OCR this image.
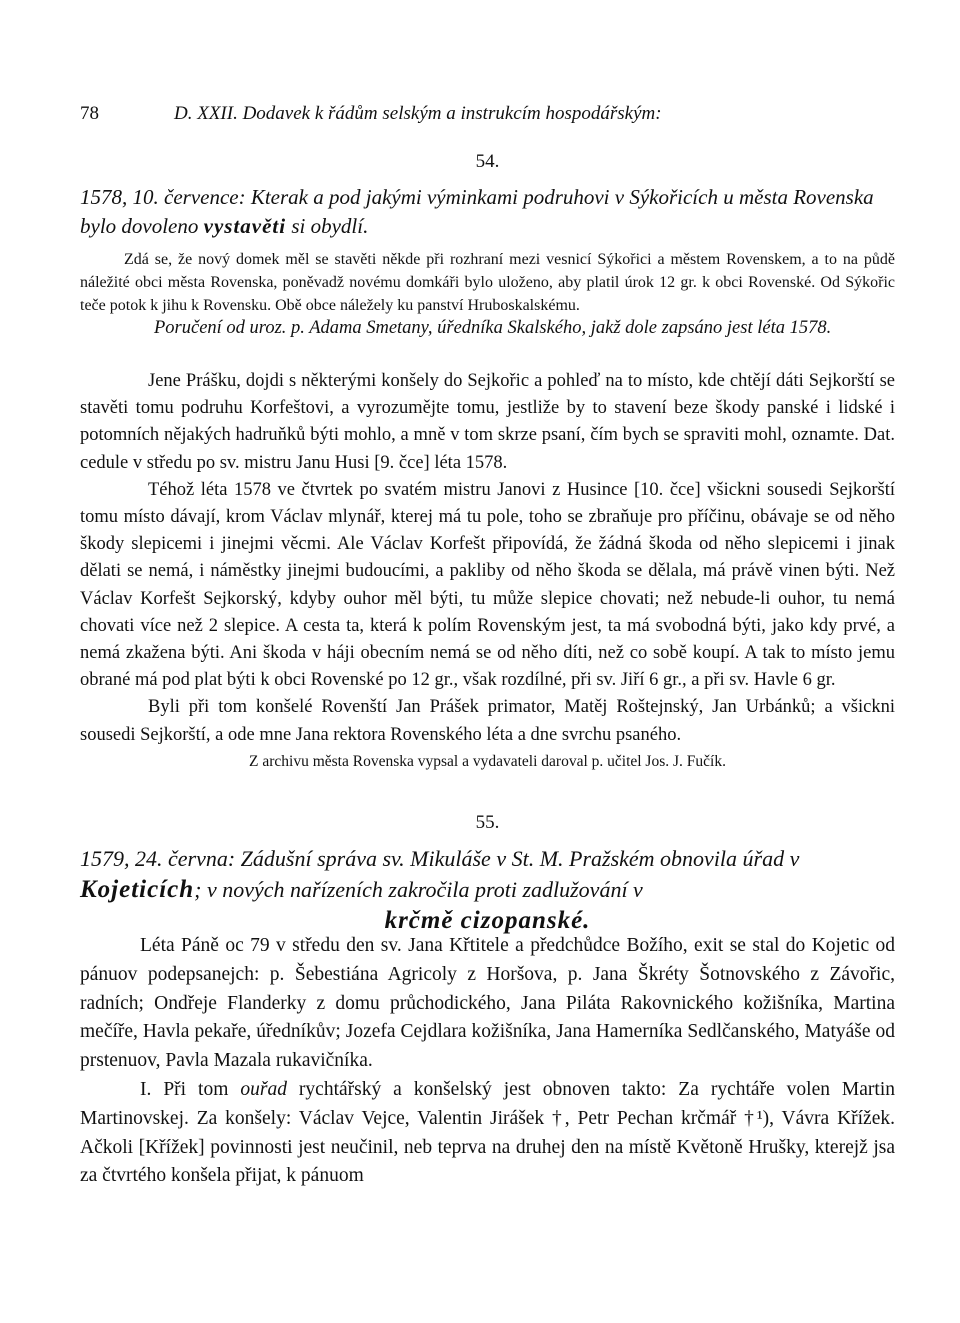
78	D. XXII. Dodavek k řádům selským a instrukcím hospodářským:

54.

1578, 10. července: Kterak a pod jakými výminkami podruhovi v Sýkořicích u města Rovenska bylo dovoleno vystavěti si obydlí.

Zdá se, že nový domek měl se stavěti někde při rozhraní mezi vesnicí Sýkořici a městem Rovenskem, a to na půdě náležité obci města Rovenska, poněvadž novému domkáři bylo uloženo, aby platil úrok 12 gr. k obci Rovenské. Od Sýkořic teče potok k jihu k Rovensku. Obě obce náležely ku panství Hruboskalskému.

Poručení od uroz. p. Adama Smetany, úředníka Skalského, jakž dole zapsáno jest léta 1578.

Jene Prášku, dojdi s některými konšely do Sejkořic a pohleď na to místo, kde chtějí dáti Sejkorští se stavěti tomu podruhu Korfeštovi, a vyrozumějte tomu, jestliže by to stavení beze škody panské i lidské i potomních nějakých hadruňků býti mohlo, a mně v tom skrze psaní, čím bych se spraviti mohl, oznamte. Dat. cedule v středu po sv. mistru Janu Husi [9. čce] léta 1578.

Téhož léta 1578 ve čtvrtek po svatém mistru Janovi z Husince [10. čce] všickni sousedi Sejkorští tomu místo dávají, krom Václav mlynář, kterej má tu pole, toho se zbraňuje pro příčinu, obávaje se od něho škody slepicemi i jinejmi věcmi. Ale Václav Korfešt připovídá, že žádná škoda od něho slepicemi i jinak dělati se nemá, i náměstky jinejmi budoucími, a pakliby od něho škoda se dělala, má právě vinen býti. Než Václav Korfešt Sejkorský, kdyby ouhor měl býti, tu může slepice chovati; než nebude-li ouhor, tu nemá chovati více než 2 slepice. A cesta ta, která k polím Rovenským jest, ta má svobodná býti, jako kdy prvé, a nemá zkažena býti. Ani škoda v háji obecním nemá se od něho díti, než co sobě koupí. A tak to místo jemu obrané má pod plat býti k obci Rovenské po 12 gr., však rozdílné, při sv. Jiří 6 gr., a při sv. Havle 6 gr.

Byli při tom konšelé Rovenští Jan Prášek primator, Matěj Roštejnský, Jan Urbánků; a všickni sousedi Sejkorští, a ode mne Jana rektora Rovenského léta a dne svrchu psaného.

Z archivu města Rovenska vypsal a vydavateli daroval p. učitel Jos. J. Fučík.

55.

1579, 24. června: Zádušní správa sv. Mikuláše v St. M. Pražském obnovila úřad v Kojeticích; v nových nařízeních zakročila proti zadlužování v
krčmě cizopanské.

Léta Páně oc 79 v středu den sv. Jana Křtitele a předchůdce Božího, exit se stal do Kojetic od pánuov podepsanejch: p. Šebestiána Agricoly z Horšova, p. Jana Škréty Šotnovského z Závořic, radních; Ondřeje Flanderky z domu průchodického, Jana Piláta Rakovnického kožišníka, Martina mečíře, Havla pekaře, úředníkův; Jozefa Cejdlara kožišníka, Jana Hamerníka Sedlčanského, Matyáše od prstenuov, Pavla Mazala rukavičníka.

I. Při tom ouřad rychtářský a konšelský jest obnoven takto: Za rychtáře volen Martin Martinovskej. Za konšely: Václav Vejce, Valentin Jirášek †, Petr Pechan krčmář †¹), Vávra Křížek. Ačkoli [Křížek] povinnosti jest neučinil, neb teprva na druhej den na místě Květoně Hrušky, kterejž jsa za čtvrtého konšela přijat, k pánuom
